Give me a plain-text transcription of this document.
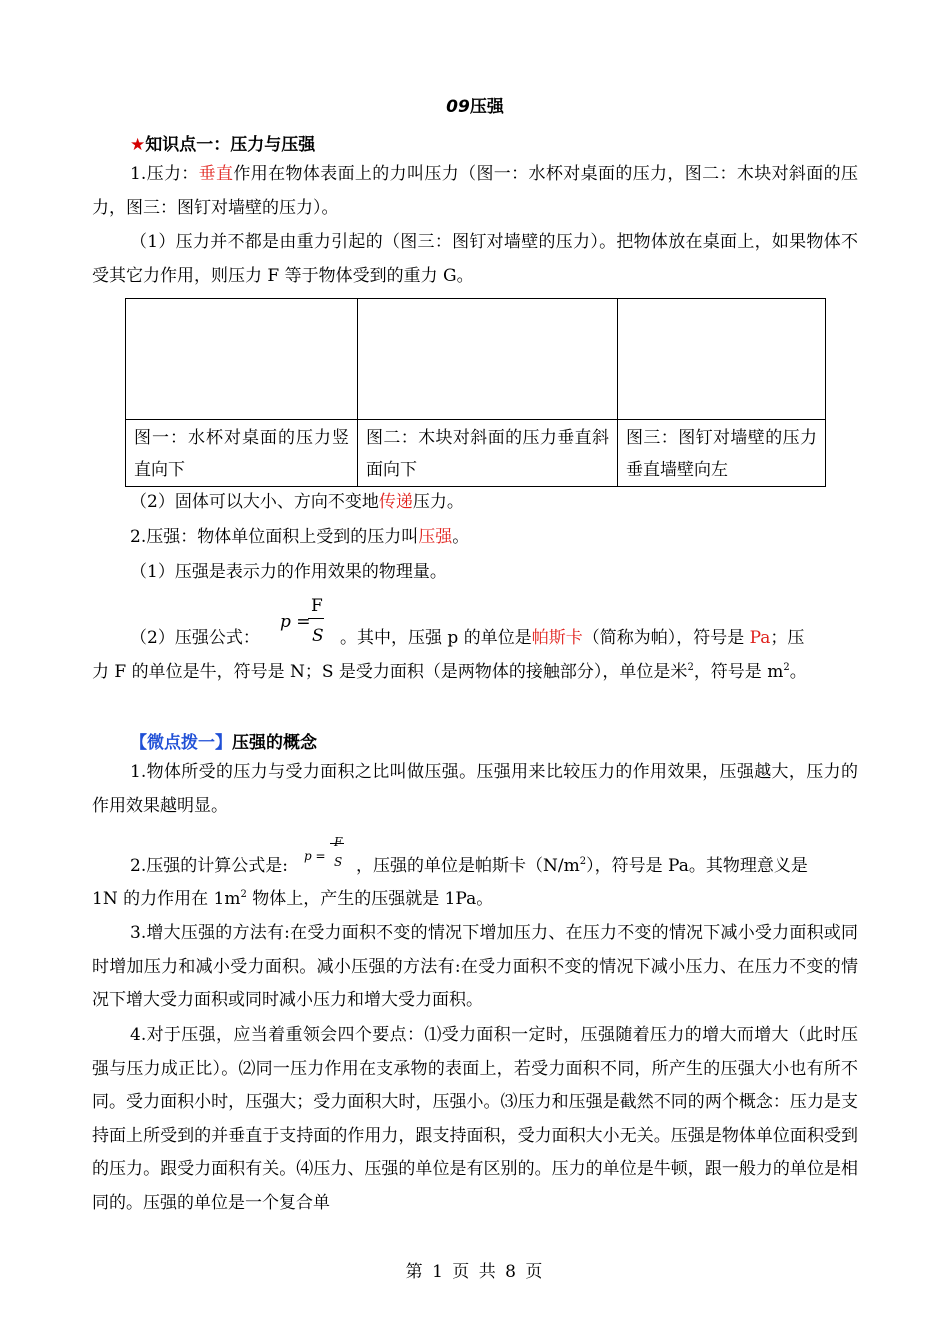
09压强
★知识点一：压力与压强
1.压力：垂直作用在物体表面上的力叫压力（图一：水杯对桌面的压力，图二：木块对斜面的压力，图三：图钉对墙壁的压力）。
（1）压力并不都是由重力引起的（图三：图钉对墙壁的压力）。把物体放在桌面上，如果物体不受其它力作用，则压力 F 等于物体受到的重力 G。

图一：水杯对桌面的压力竖直向下	图二：木块对斜面的压力垂直斜面向下	图三：图钉对墙壁的压力垂直墙壁向左
（2）固体可以大小、方向不变地传递压力。
2.压强：物体单位面积上受到的压力叫压强。
（1）压强是表示力的作用效果的物理量。
（2）压强公式：
p =
F
S 。其中，压强 p 的单位是帕斯卡（简称为帕），符号是 Pa；压
力 F 的单位是牛，符号是 N；S 是受力面积（是两物体的接触部分），单位是米$^2$，符号是 $m^2$。
【微点拨一】压强的概念
1.物体所受的压力与受力面积之比叫做压强。压强用来比较压力的作用效果，压强越大，压力的作用效果越明显。
2.压强的计算公式是: p =
F
S ，压强的单位是帕斯卡$(N/m^2)$，符号是 Pa。其物理意义是
1N 的力作用在 $1m^2$ 物体上，产生的压强就是 1Pa。
3.增大压强的方法有:在受力面积不变的情况下增加压力、在压力不变的情况下减小受力面积或同时增加压力和减小受力面积。减小压强的方法有:在受力面积不变的情况下减小压力、在压力不变的情况下增大受力面积或同时减小压力和增大受力面积。
4.对于压强，应当着重领会四个要点：⑴受力面积一定时，压强随着压力的增大而增大（此时压强与压力成正比）。⑵同一压力作用在支承物的表面上，若受力面积不同，所产生的压强大小也有所不同。受力面积小时，压强大；受力面积大时，压强小。⑶压力和压强是截然不同的两个概念：压力是支持面上所受到的并垂直于支持面的作用力，跟支持面积，受力面积大小无关。压强是物体单位面积受到的压力。跟受力面积有关。⑷压力、压强的单位是有区别的。压力的单位是牛顿，跟一般力的单位是相同的。压强的单位是一个复合单
第 1 页 共 8 页
